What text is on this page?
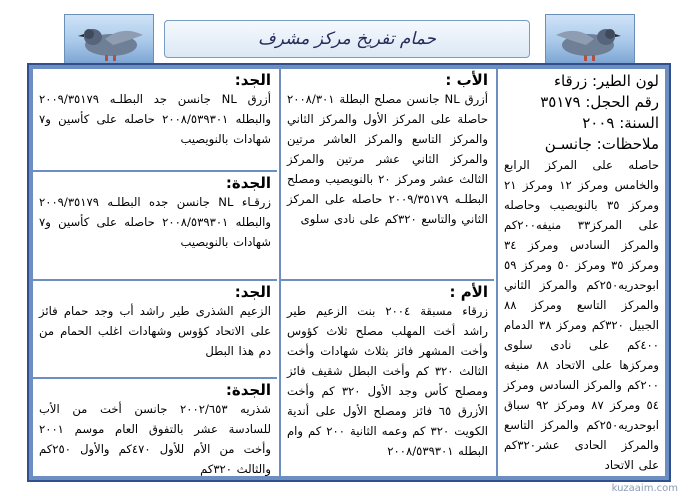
حمام تفريخ مركز مشرف

لون الطير: زرقاء

رقم الحجل: ٣٥١٧٩

السنة: ٢٠٠٩

ملاحظات: جانسـن

حاصله على المركز الرابع والخامس ومركز ١٢ ومركز ٢١ ومركز ٣٥ بالنويصيب وحاصله على المركز٣٣ منيفه٢٠٠كم والمركز السادس ومركز ٣٤ ومركز ٣٥ ومركز ٥٠ ومركز ٥٩ ابوحدريه٢٥٠كم والمركز الثاني والمركز التاسع ومركز ٨٨ الجبيل ٣٢٠كم ومركز ٣٨ الدمام ٤٠٠كم على نادى سلوى ومركزها على الاتحاد ٨٨ منيفه ٢٠٠كم والمركز السادس ومركز ٥٤ ومركز ٨٧ ومركز ٩٢ سباق ابوحدريه٢٥٠كم والمركز التاسع والمركز الحادى عشر٣٢٠كم على الاتحاد

الأب :

أزرق NL جانسن مصلح البطلة ٢٠٠٨/٣٠١ حاصلة على المركز الأول والمركز الثاني والمركز التاسع والمركز العاشر مرتين والمركز الثاني عشر مرتين والمركز الثالث عشر ومركز ٢٠ بالنويصيب ومصلح البطلـه ٢٠٠٩/٣٥١٧٩ حاصله على المركز الثاني والتاسع ٣٢٠كم على نادى سلوى

الأم :

زرقاء مسبقة ٢٠٠٤ بنت الزعيم طير راشد أخت المهلب مصلح ثلاث كؤوس وأخت المشهر فائز بثلاث شهادات وأخت الثالث ٣٢٠ كم وأخت البطل شقيف فائز ومصلح كأس وجد الأول ٣٢٠ كم وأخت الأزرق ٦٥ فائز ومصلح الأول على أندية الكويت ٣٢٠ كم وعمه الثانية ٢٠٠ كم وام البطله ٢٠٠٨/٥٣٩٣٠١

الجد:

أزرق NL جانسن جد البطلـه ٢٠٠٩/٣٥١٧٩ والبطله ٢٠٠٨/٥٣٩٣٠١ حاصله على كأسين و٧ شهادات بالنويصيب

الجدة:

زرقـاء NL جانسن جده البطلـه ٢٠٠٩/٣٥١٧٩ والبطله ٢٠٠٨/٥٣٩٣٠١ حاصله على كأسين و٧ شهادات بالنويصيب

الجد:

الزعيم الشذرى طير راشد أب وجد حمام فائز على الاتحاد كؤوس وشهادات اغلب الحمام من دم هذا البطل

الجدة:

شذريه ٢٠٠٢/٦٥٣ جانسن أخت من الأب للسادسة عشر بالتفوق العام موسم ٢٠٠١ وأخت من الأم للأول ٤٧٠كم والأول ٢٥٠كم والثالث ٣٢٠كم

kuzaaim.com
